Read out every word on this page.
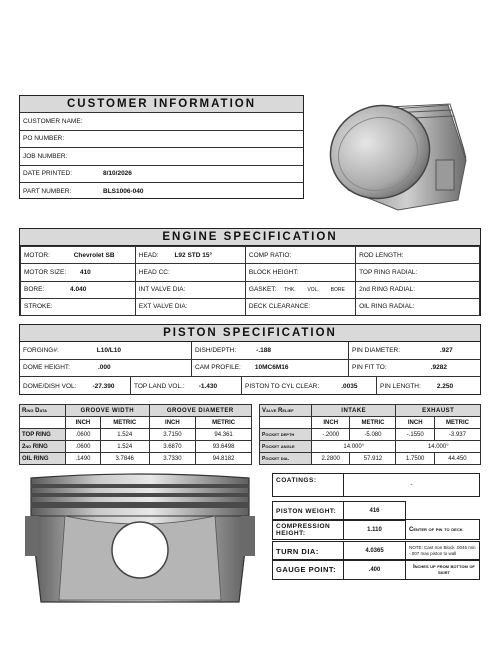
CUSTOMER INFORMATION
CUSTOMER NAME:
PO NUMBER:
JOB NUMBER:
DATE PRINTED:	8/10/2026
PART NUMBER:	BLS1006-040
ENGINE SPECIFICATION
MOTOR: Chevrolet SB	HEAD: L92 STD 15°	COMP RATIO:	ROD LENGTH:
MOTOR SIZE: 410	HEAD CC:	BLOCK HEIGHT:	TOP RING RADIAL:
BORE: 4.040	INT VALVE DIA:	GASKET: THK. VOL. BORE	2nd RING RADIAL:
STROKE:	EXT VALVE DIA:	DECK CLEARANCE:	OIL RING RADIAL:
PISTON SPECIFICATION
FORGING#:	L10/L10	DISH/DEPTH:	-.188	PIN DIAMETER:	.927
DOME HEIGHT:	.000	CAM PROFILE: 10MC6M16	PIN FIT TO:	.9282
DOME/DISH VOL: -27.390	TOP LAND VOL.: -1.430	PISTON TO CYL CLEAR:	.0035	PIN LENGTH: 2.250
Ring Data	GROOVE WIDTH		GROOVE DIAMETER	
	INCH	METRIC	INCH	METRIC
TOP RING	.0600	1.524	3.7150	94.361
2nd RING	.0600	1.524	3.6870	93.6498
OIL RING	.1490	3.7846	3.7330	94.8182
Valve Relief	INTAKE		EXHAUST	
	INCH	METRIC	INCH	METRIC
Pocket depth	-.2000	-5.080	-.1550	-3.937
Pocket angle	14.000°		14.000°	
Pocket dia.	2.2800	57.912	1.7500	44.450
COATINGS:
-
PISTON WEIGHT:	416
COMPRESSION HEIGHT:	1.110	Center of pin to deck
TURN DIA:	4.0365
NOTE: Cast Iron Block .0045 min -.007 max piston to wall
GAUGE POINT:	.400	Inches up from bottom of skirt
